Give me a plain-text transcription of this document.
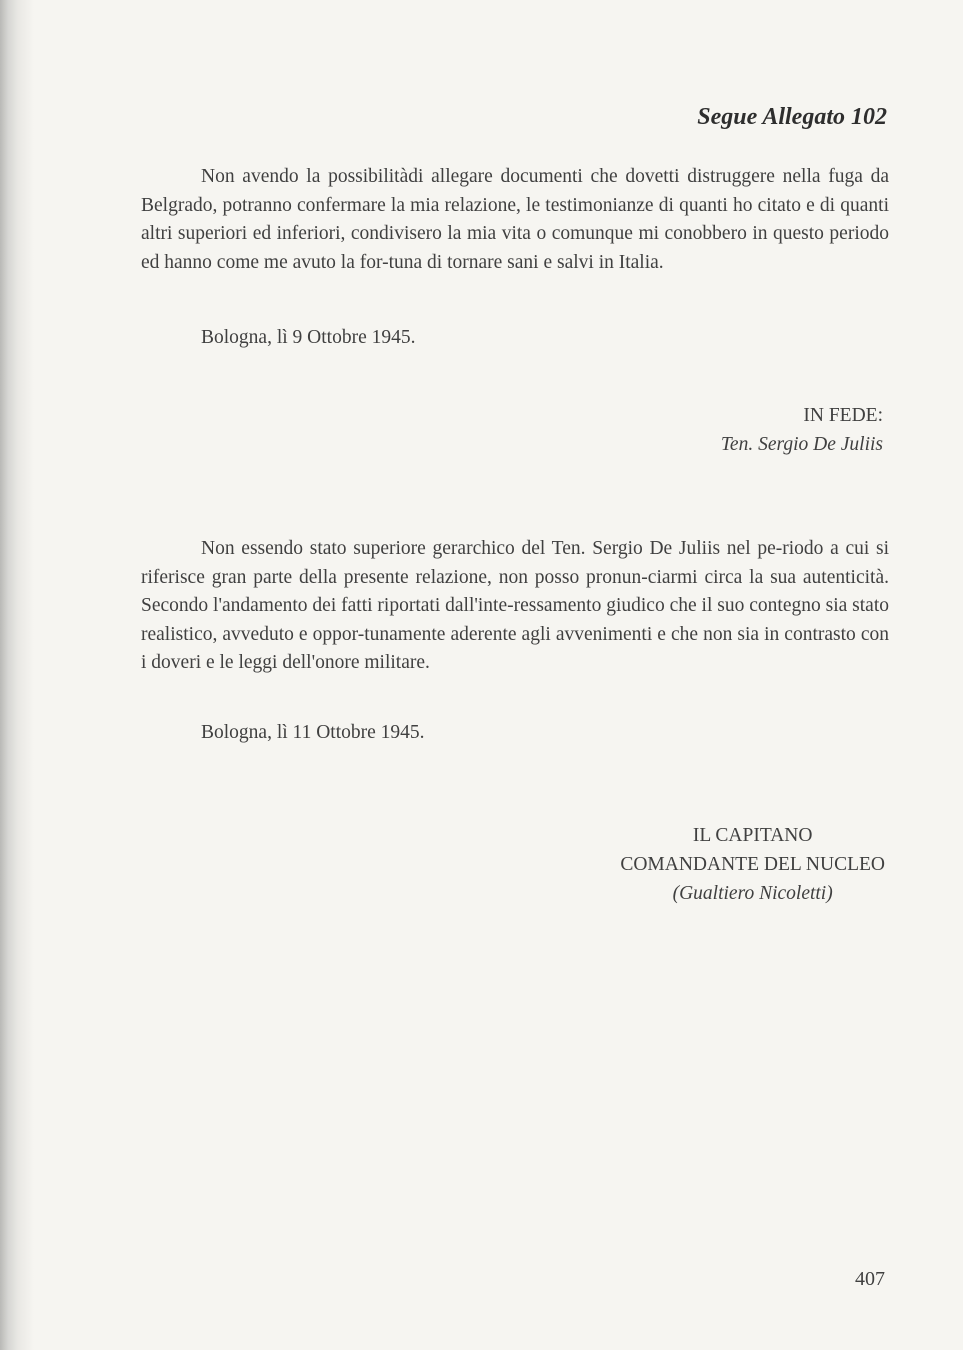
Segue Allegato 102

Non avendo la possibilitàdi allegare documenti che dovetti distruggere nella fuga da Belgrado, potranno confermare la mia relazione, le testimonianze di quanti ho citato e di quanti altri superiori ed inferiori, condivisero la mia vita o comunque mi conobbero in questo periodo ed hanno come me avuto la for-tuna di tornare sani e salvi in Italia.

Bologna, lì 9 Ottobre 1945.
IN FEDE:
Ten. Sergio De Juliis

Non essendo stato superiore gerarchico del Ten. Sergio De Juliis nel pe-riodo a cui si riferisce gran parte della presente relazione, non posso pronun-ciarmi circa la sua autenticità. Secondo l'andamento dei fatti riportati dall'inte-ressamento giudico che il suo contegno sia stato realistico, avveduto e oppor-tunamente aderente agli avvenimenti e che non sia in contrasto con i doveri e le leggi dell'onore militare.

Bologna, lì 11 Ottobre 1945.
IL CAPITANO
COMANDANTE DEL NUCLEO
(Gualtiero Nicoletti)
407
